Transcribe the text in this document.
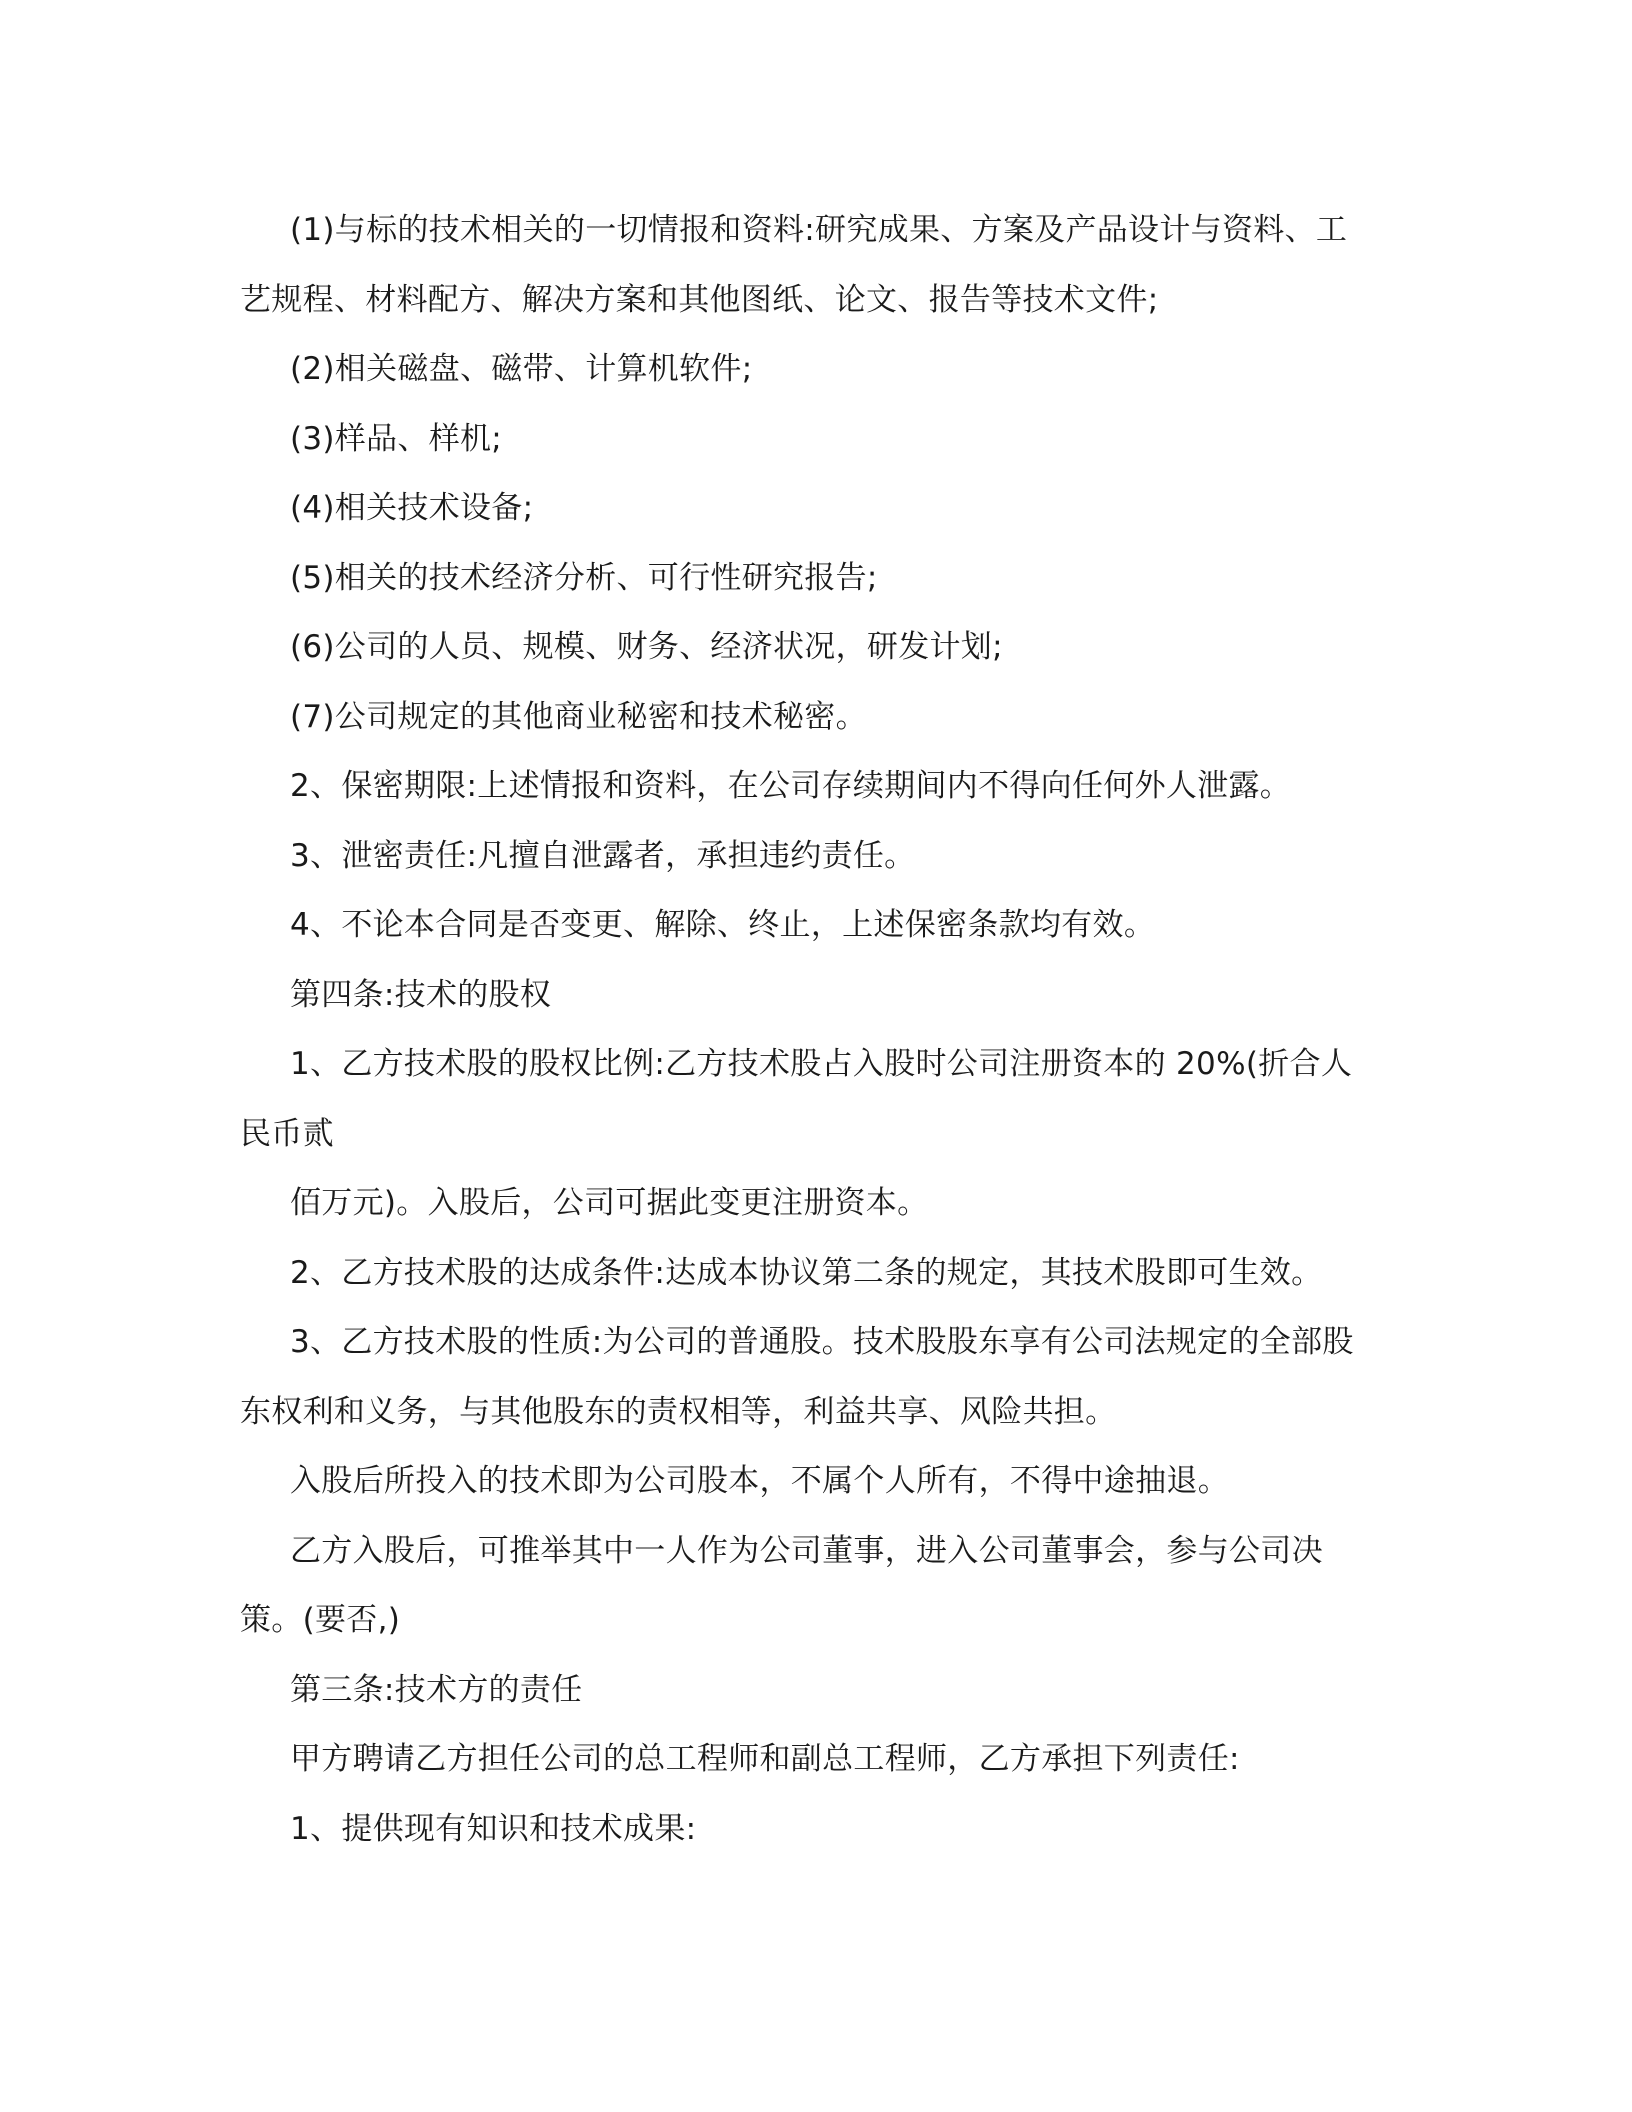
(1)与标的技术相关的一切情报和资料:研究成果、方案及产品设计与资料、工艺规程、材料配方、解决方案和其他图纸、论文、报告等技术文件;

(2)相关磁盘、磁带、计算机软件;

(3)样品、样机;

(4)相关技术设备;

(5)相关的技术经济分析、可行性研究报告;

(6)公司的人员、规模、财务、经济状况，研发计划;

(7)公司规定的其他商业秘密和技术秘密。

2、保密期限:上述情报和资料，在公司存续期间内不得向任何外人泄露。

3、泄密责任:凡擅自泄露者，承担违约责任。

4、不论本合同是否变更、解除、终止，上述保密条款均有效。

第四条:技术的股权

1、乙方技术股的股权比例:乙方技术股占入股时公司注册资本的 20%(折合人民币贰

佰万元)。入股后，公司可据此变更注册资本。

2、乙方技术股的达成条件:达成本协议第二条的规定，其技术股即可生效。

3、乙方技术股的性质:为公司的普通股。技术股股东享有公司法规定的全部股东权利和义务，与其他股东的责权相等，利益共享、风险共担。

入股后所投入的技术即为公司股本，不属个人所有，不得中途抽退。

乙方入股后，可推举其中一人作为公司董事，进入公司董事会，参与公司决策。(要否,)

第三条:技术方的责任

甲方聘请乙方担任公司的总工程师和副总工程师，乙方承担下列责任:

1、提供现有知识和技术成果:
